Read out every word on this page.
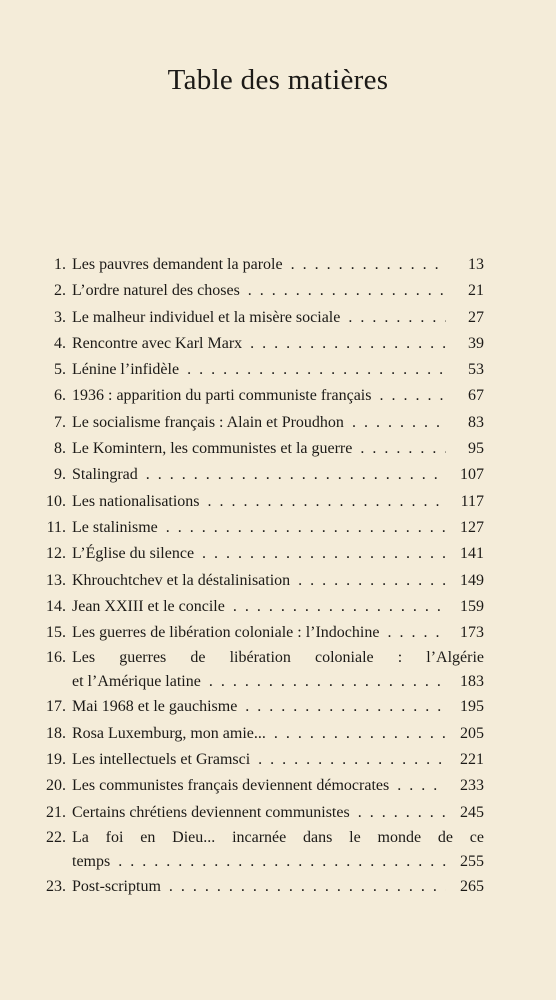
Table des matières
1. Les pauvres demandent la parole . . .	13
2. L’ordre naturel des choses . . .	21
3. Le malheur individuel et la misère sociale . . .	27
4. Rencontre avec Karl Marx . . .	39
5. Lénine l’infidèle . . .	53
6. 1936 : apparition du parti communiste français . . .	67
7. Le socialisme français : Alain et Proudhon . . .	83
8. Le Komintern, les communistes et la guerre . . .	95
9. Stalingrad . . .	107
10. Les nationalisations . . .	117
11. Le stalinisme . . .	127
12. L’Église du silence . . .	141
13. Khrouchtchev et la déstalinisation . . .	149
14. Jean XXIII et le concile . . .	159
15. Les guerres de libération coloniale : l’Indochine . . .	173
16. Les guerres de libération coloniale : l’Algérie
et l’Amérique latine . . .	183
17. Mai 1968 et le gauchisme . . .	195
18. Rosa Luxemburg, mon amie... . . .	205
19. Les intellectuels et Gramsci . . .	221
20. Les communistes français deviennent démocrates . . .	233
21. Certains chrétiens deviennent communistes . . .	245
22. La foi en Dieu... incarnée dans le monde de ce
temps . . .	255
23. Post-scriptum . . .	265
